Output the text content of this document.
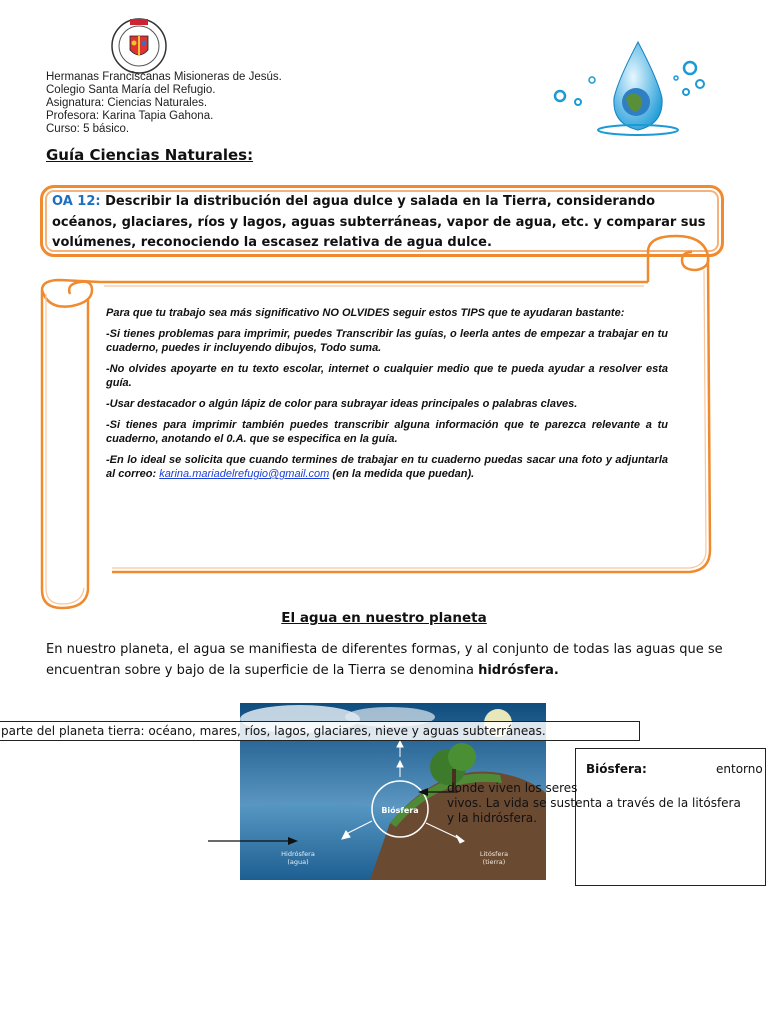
Hermanas Franciscanas Misioneras de Jesús.
Colegio Santa María del Refugio.
Asignatura: Ciencias Naturales.
Profesora: Karina Tapia Gahona.
Curso: 5 básico.
Guía Ciencias Naturales:
OA 12: Describir la distribución del agua dulce y salada en la Tierra, considerando océanos, glaciares, ríos y lagos, aguas subterráneas, vapor de agua, etc. y comparar sus volúmenes, reconociendo la escasez relativa de agua dulce.

Para que tu trabajo sea más significativo NO OLVIDES seguir estos TIPS que te ayudaran bastante:

-Si tienes problemas para imprimir, puedes Transcribir las guías, o leerla antes de empezar a trabajar en tu cuaderno, puedes ir incluyendo dibujos, Todo suma.

-No olvides apoyarte en tu texto escolar, internet o cualquier medio que te pueda ayudar a resolver esta guía.

-Usar destacador o algún lápiz de color para subrayar ideas principales o palabras claves.

-Si tienes para imprimir también puedes transcribir alguna información que te parezca relevante a tu cuaderno, anotando el 0.A. que se especifica en la guía.

-En lo ideal se solicita que cuando termines de trabajar en tu cuaderno puedas sacar una foto y adjuntarla al correo: karina.mariadelrefugio@gmail.com (en la medida que puedan).

El agua en nuestro planeta
En nuestro planeta, el agua se manifiesta de diferentes formas, y al conjunto de todas las aguas que se encuentran sobre y bajo de la superficie de la Tierra se denomina hidrósfera.
Biósfera
Hidrósfera
(agua)
Litósfera
(tierra)
parte del planeta tierra: océano, mares, ríos, lagos, glaciares, nieve y aguas subterráneas.
Biósfera:	entorno
donde viven los seres
vivos. La vida se sustenta a través de la litósfera
y la hidrósfera.
